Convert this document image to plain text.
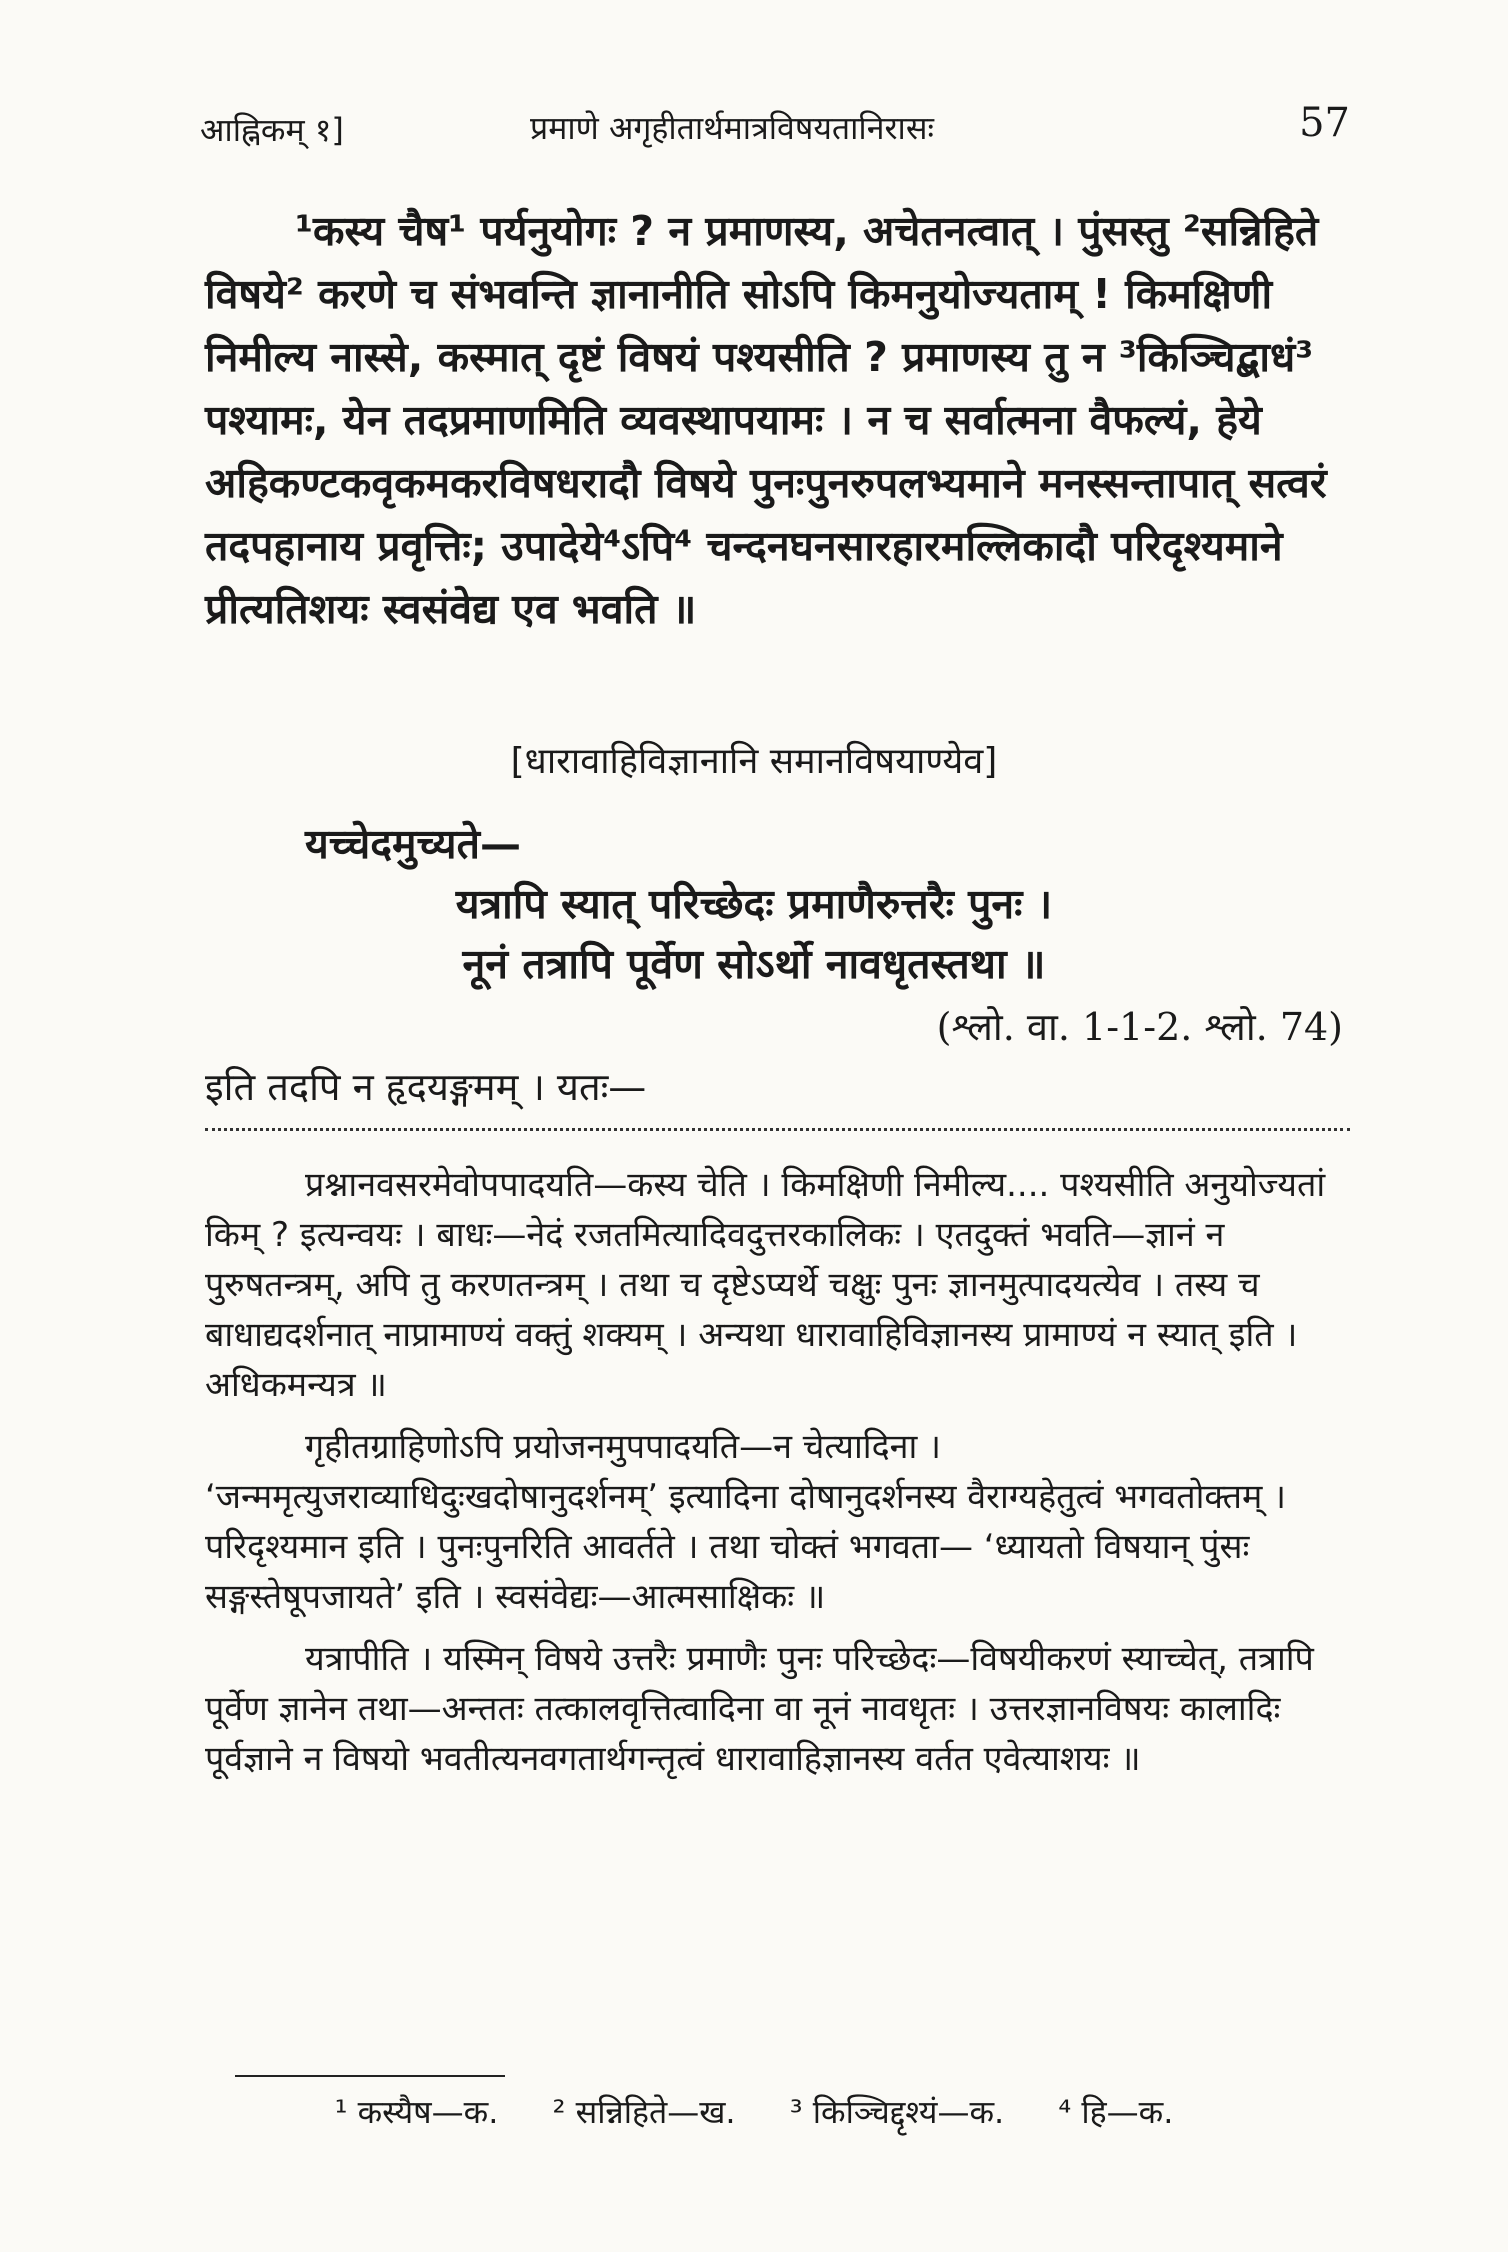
आह्निकम् १]	प्रमाणे अगृहीतार्थमात्रविषयतानिरासः	57

¹कस्य चैष¹ पर्यनुयोगः ? न प्रमाणस्य, अचेतनत्वात् । पुंसस्तु ²सन्निहिते विषये² करणे च संभवन्ति ज्ञानानीति सोऽपि किमनुयोज्यताम् ! किमक्षिणी निमील्य नास्से, कस्मात् दृष्टं विषयं पश्यसीति ? प्रमाणस्य तु न ³किञ्चिद्बाधं³ पश्यामः, येन तदप्रमाणमिति व्यवस्थापयामः । न च सर्वात्मना वैफल्यं, हेये अहिकण्टकवृकमकरविषधरादौ विषये पुनःपुनरुपलभ्यमाने मनस्सन्तापात् सत्वरं तदपहानाय प्रवृत्तिः; उपादेये⁴ऽपि⁴ चन्दनघनसारहारमल्लिकादौ परिदृश्यमाने प्रीत्यतिशयः स्वसंवेद्य एव भवति ॥

[धारावाहिविज्ञानानि समानविषयाण्येव]
यच्चेदमुच्यते—
यत्रापि स्यात् परिच्छेदः प्रमाणैरुत्तरैः पुनः ।
नूनं तत्रापि पूर्वेण सोऽर्थो नावधृतस्तथा ॥
(श्लो. वा. 1-1-2. श्लो. 74)
इति तदपि न हृदयङ्गमम् । यतः—

प्रश्नानवसरमेवोपपादयति—कस्य चेति । किमक्षिणी निमील्य.... पश्यसीति अनुयोज्यतां किम् ? इत्यन्वयः । बाधः—नेदं रजतमित्यादिवदुत्तरकालिकः । एतदुक्तं भवति—ज्ञानं न पुरुषतन्त्रम्, अपि तु करणतन्त्रम् । तथा च दृष्टेऽप्यर्थे चक्षुः पुनः ज्ञानमुत्पादयत्येव । तस्य च बाधाद्यदर्शनात् नाप्रामाण्यं वक्तुं शक्यम् । अन्यथा धारावाहिविज्ञानस्य प्रामाण्यं न स्यात् इति । अधिकमन्यत्र ॥

गृहीतग्राहिणोऽपि प्रयोजनमुपपादयति—न चेत्यादिना । ‘जन्ममृत्युजराव्याधिदुःखदोषानुदर्शनम्’ इत्यादिना दोषानुदर्शनस्य वैराग्यहेतुत्वं भगवतोक्तम् । परिदृश्यमान इति । पुनःपुनरिति आवर्तते । तथा चोक्तं भगवता— ‘ध्यायतो विषयान् पुंसः सङ्गस्तेषूपजायते’ इति । स्वसंवेद्यः—आत्मसाक्षिकः ॥

यत्रापीति । यस्मिन् विषये उत्तरैः प्रमाणैः पुनः परिच्छेदः—विषयीकरणं स्याच्चेत्, तत्रापि पूर्वेण ज्ञानेन तथा—अन्ततः तत्कालवृत्तित्वादिना वा नूनं नावधृतः । उत्तरज्ञानविषयः कालादिः पूर्वज्ञाने न विषयो भवतीत्यनवगतार्थगन्तृत्वं धारावाहिज्ञानस्य वर्तत एवेत्याशयः ॥

¹ कस्यैष—क. ² सन्निहिते—ख. ³ किञ्चिद्दृश्यं—क. ⁴ हि—क.
